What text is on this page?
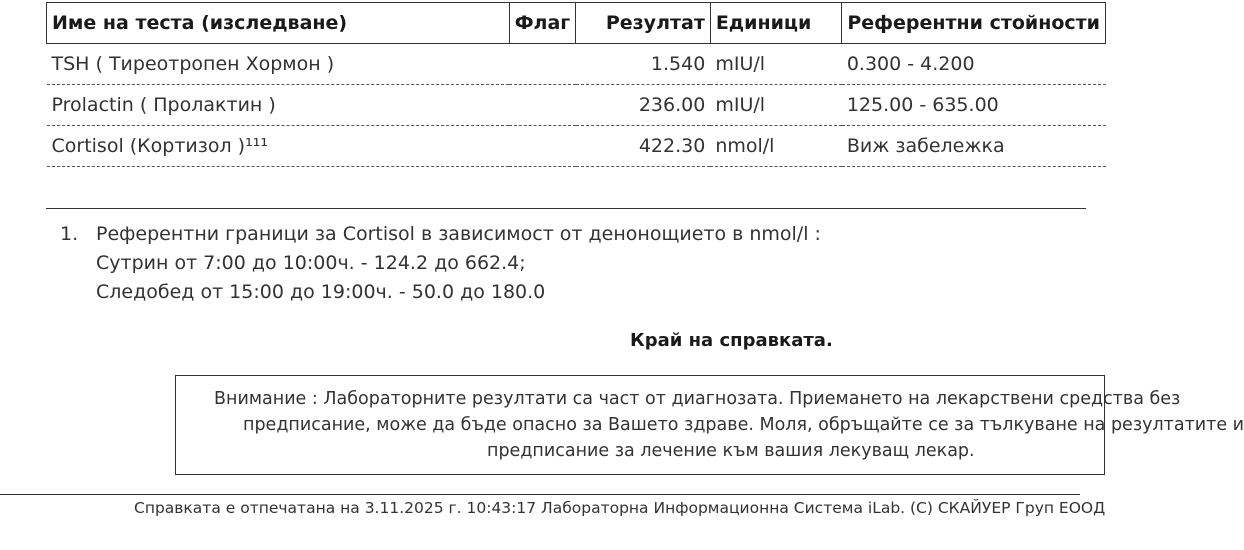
Име на теста (изследване)	Флаг	Резултат	Единици	Референтни стойности
TSH ( Тиреотропен Хормон )		1.540	mIU/l	0.300 - 4.200
Prolactin ( Пролактин )		236.00	mIU/l	125.00 - 635.00
Cortisol (Кортизол )¹¹¹		422.30	nmol/l	Виж забележка
1. Референтни граници за Cortisol в зависимост от денонощието в nmol/l :
Сутрин от 7:00 до 10:00ч. - 124.2 до 662.4;
Следобед от 15:00 до 19:00ч. - 50.0 до 180.0
Край на справката.
Внимание : Лабораторните резултати са част от диагнозата. Приемането на лекарствени средства без
предписание, може да бъде опасно за Вашето здраве. Моля, обръщайте се за тълкуване на резултатите и
предписание за лечение към вашия лекуващ лекар.
Справката е отпечатана на 3.11.2025 г. 10:43:17 Лабораторна Информационна Система iLab. (C) СКАЙУЕР Груп ЕООД
